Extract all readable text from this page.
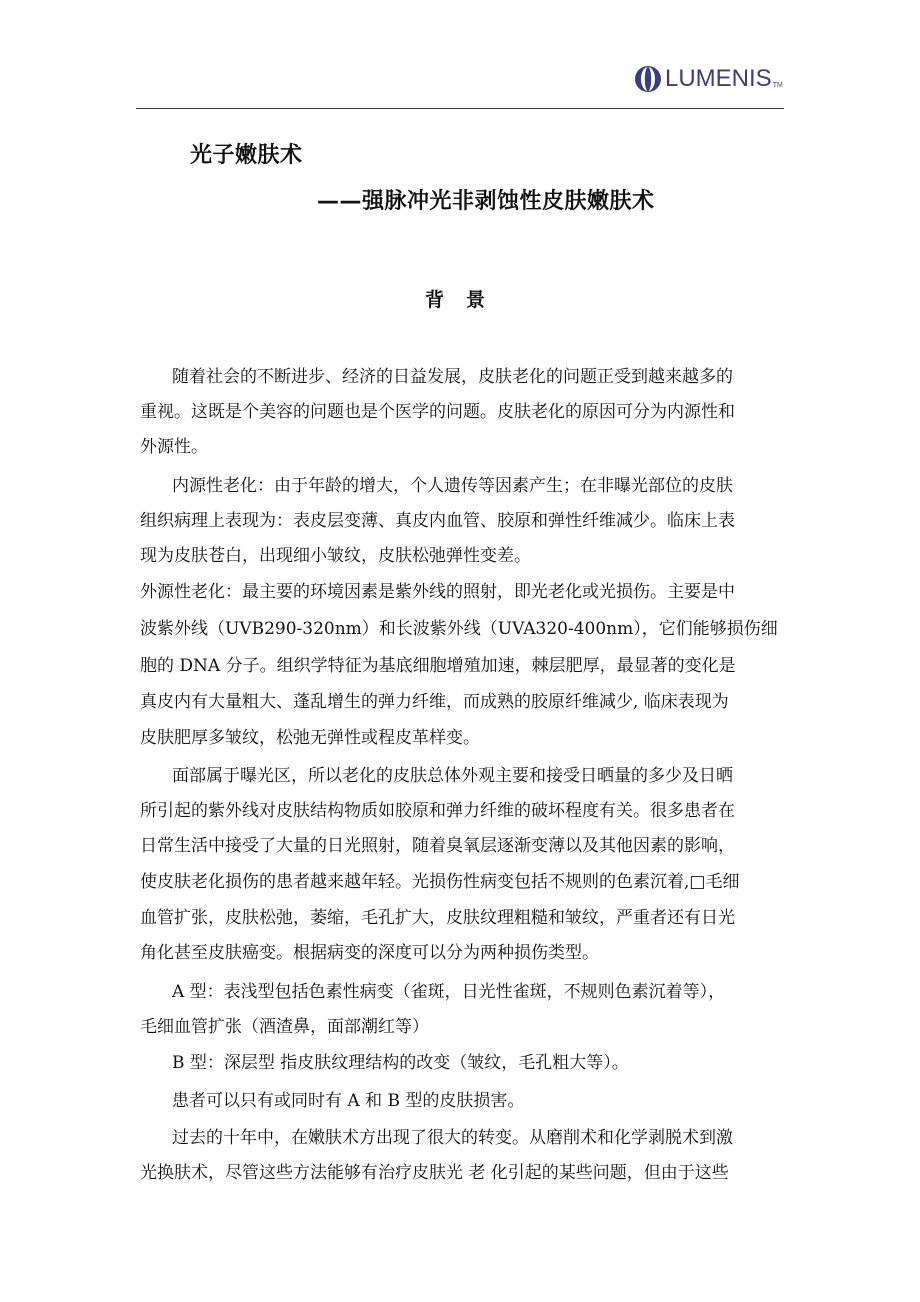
LUMENIS TM
光子嫩肤术
——强脉冲光非剥蚀性皮肤嫩肤术
背景
随着社会的不断进步、经济的日益发展，皮肤老化的问题正受到越来越多的
重视。这既是个美容的问题也是个医学的问题。皮肤老化的原因可分为内源性和
外源性。
内源性老化：由于年龄的增大，个人遗传等因素产生；在非曝光部位的皮肤
组织病理上表现为：表皮层变薄、真皮内血管、胶原和弹性纤维减少。临床上表
现为皮肤苍白，出现细小皱纹，皮肤松弛弹性变差。
外源性老化：最主要的环境因素是紫外线的照射，即光老化或光损伤。主要是中
波紫外线（UVB290-320nm）和长波紫外线（UVA320-400nm），它们能够损伤细
胞的 DNA 分子。组织学特征为基底细胞增殖加速，棘层肥厚，最显著的变化是
真皮内有大量粗大、蓬乱增生的弹力纤维，而成熟的胶原纤维减少, 临床表现为
皮肤肥厚多皱纹，松弛无弹性或程皮革样变。
面部属于曝光区，所以老化的皮肤总体外观主要和接受日晒量的多少及日晒
所引起的紫外线对皮肤结构物质如胶原和弹力纤维的破坏程度有关。很多患者在
日常生活中接受了大量的日光照射，随着臭氧层逐渐变薄以及其他因素的影响，
使皮肤老化损伤的患者越来越年轻。光损伤性病变包括不规则的色素沉着,□毛细
血管扩张，皮肤松弛，萎缩，毛孔扩大，皮肤纹理粗糙和皱纹，严重者还有日光
角化甚至皮肤癌变。根据病变的深度可以分为两种损伤类型。
A 型：表浅型包括色素性病变（雀斑，日光性雀斑，不规则色素沉着等），
毛细血管扩张（酒渣鼻，面部潮红等）
B 型：深层型 指皮肤纹理结构的改变（皱纹，毛孔粗大等）。
患者可以只有或同时有 A 和 B 型的皮肤损害。
过去的十年中，在嫩肤术方出现了很大的转变。从磨削术和化学剥脱术到激
光换肤术，尽管这些方法能够有治疗皮肤光 老 化引起的某些问题，但由于这些
